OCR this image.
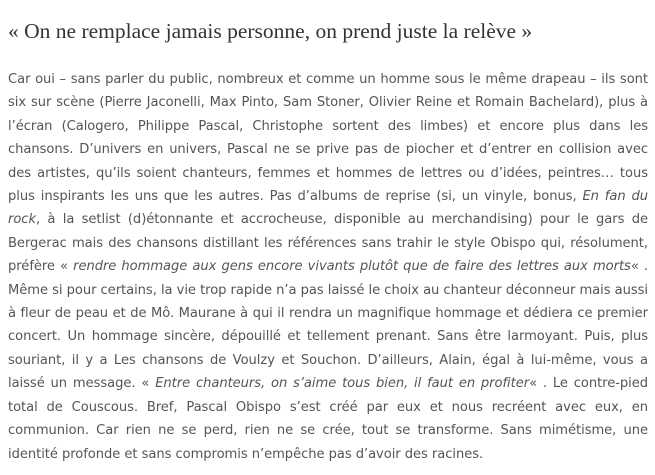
« On ne remplace jamais personne, on prend juste la relève »

Car oui – sans parler du public, nombreux et comme un homme sous le même drapeau – ils sont six sur scène (Pierre Jaconelli, Max Pinto, Sam Stoner, Olivier Reine et Romain Bachelard), plus à l’écran (Calogero, Philippe Pascal, Christophe sortent des limbes) et encore plus dans les chansons. D’univers en univers, Pascal ne se prive pas de piocher et d’entrer en collision avec des artistes, qu’ils soient chanteurs, femmes et hommes de lettres ou d’idées, peintres… tous plus inspirants les uns que les autres. Pas d’albums de reprise (si, un vinyle, bonus, En fan du rock, à la setlist (d)étonnante et accrocheuse, disponible au merchandising) pour le gars de Bergerac mais des chansons distillant les références sans trahir le style Obispo qui, résolument, préfère « rendre hommage aux gens encore vivants plutôt que de faire des lettres aux morts« . Même si pour certains, la vie trop rapide n’a pas laissé le choix au chanteur déconneur mais aussi à fleur de peau et de Mô. Maurane à qui il rendra un magnifique hommage et dédiera ce premier concert. Un hommage sincère, dépouillé et tellement prenant. Sans être larmoyant. Puis, plus souriant, il y a Les chansons de Voulzy et Souchon. D’ailleurs, Alain, égal à lui-même, vous a laissé un message. « Entre chanteurs, on s’aime tous bien, il faut en profiter« . Le contre-pied total de Couscous. Bref, Pascal Obispo s’est créé par eux et nous recréent avec eux, en communion. Car rien ne se perd, rien ne se crée, tout se transforme. Sans mimétisme, une identité profonde et sans compromis n’empêche pas d’avoir des racines.
